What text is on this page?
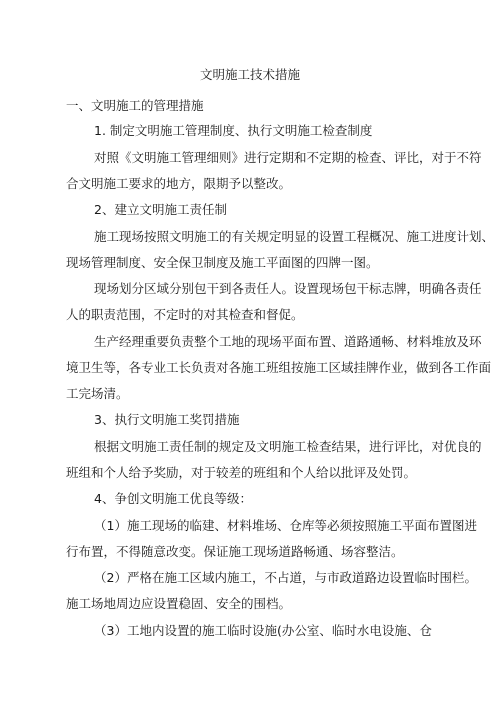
文明施工技术措施
一、文明施工的管理措施
1. 制定文明施工管理制度、执行文明施工检查制度
对照《文明施工管理细则》进行定期和不定期的检查、评比，对于不符
合文明施工要求的地方，限期予以整改。
2、建立文明施工责任制
施工现场按照文明施工的有关规定明显的设置工程概况、施工进度计划、
现场管理制度、安全保卫制度及施工平面图的四牌一图。
现场划分区域分别包干到各责任人。设置现场包干标志牌，明确各责任
人的职责范围，不定时的对其检查和督促。
生产经理重要负责整个工地的现场平面布置、道路通畅、材料堆放及环
境卫生等，各专业工长负责对各施工班组按施工区域挂牌作业，做到各工作面
工完场清。
3、执行文明施工奖罚措施
根据文明施工责任制的规定及文明施工检查结果，进行评比，对优良的
班组和个人给予奖励，对于较差的班组和个人给以批评及处罚。
4、争创文明施工优良等级：
（1）施工现场的临建、材料堆场、仓库等必须按照施工平面布置图进
行布置，不得随意改变。保证施工现场道路畅通、场容整洁。
（2）严格在施工区域内施工，不占道，与市政道路边设置临时围栏。
施工场地周边应设置稳固、安全的围档。
（3）工地内设置的施工临时设施(办公室、临时水电设施、仓
